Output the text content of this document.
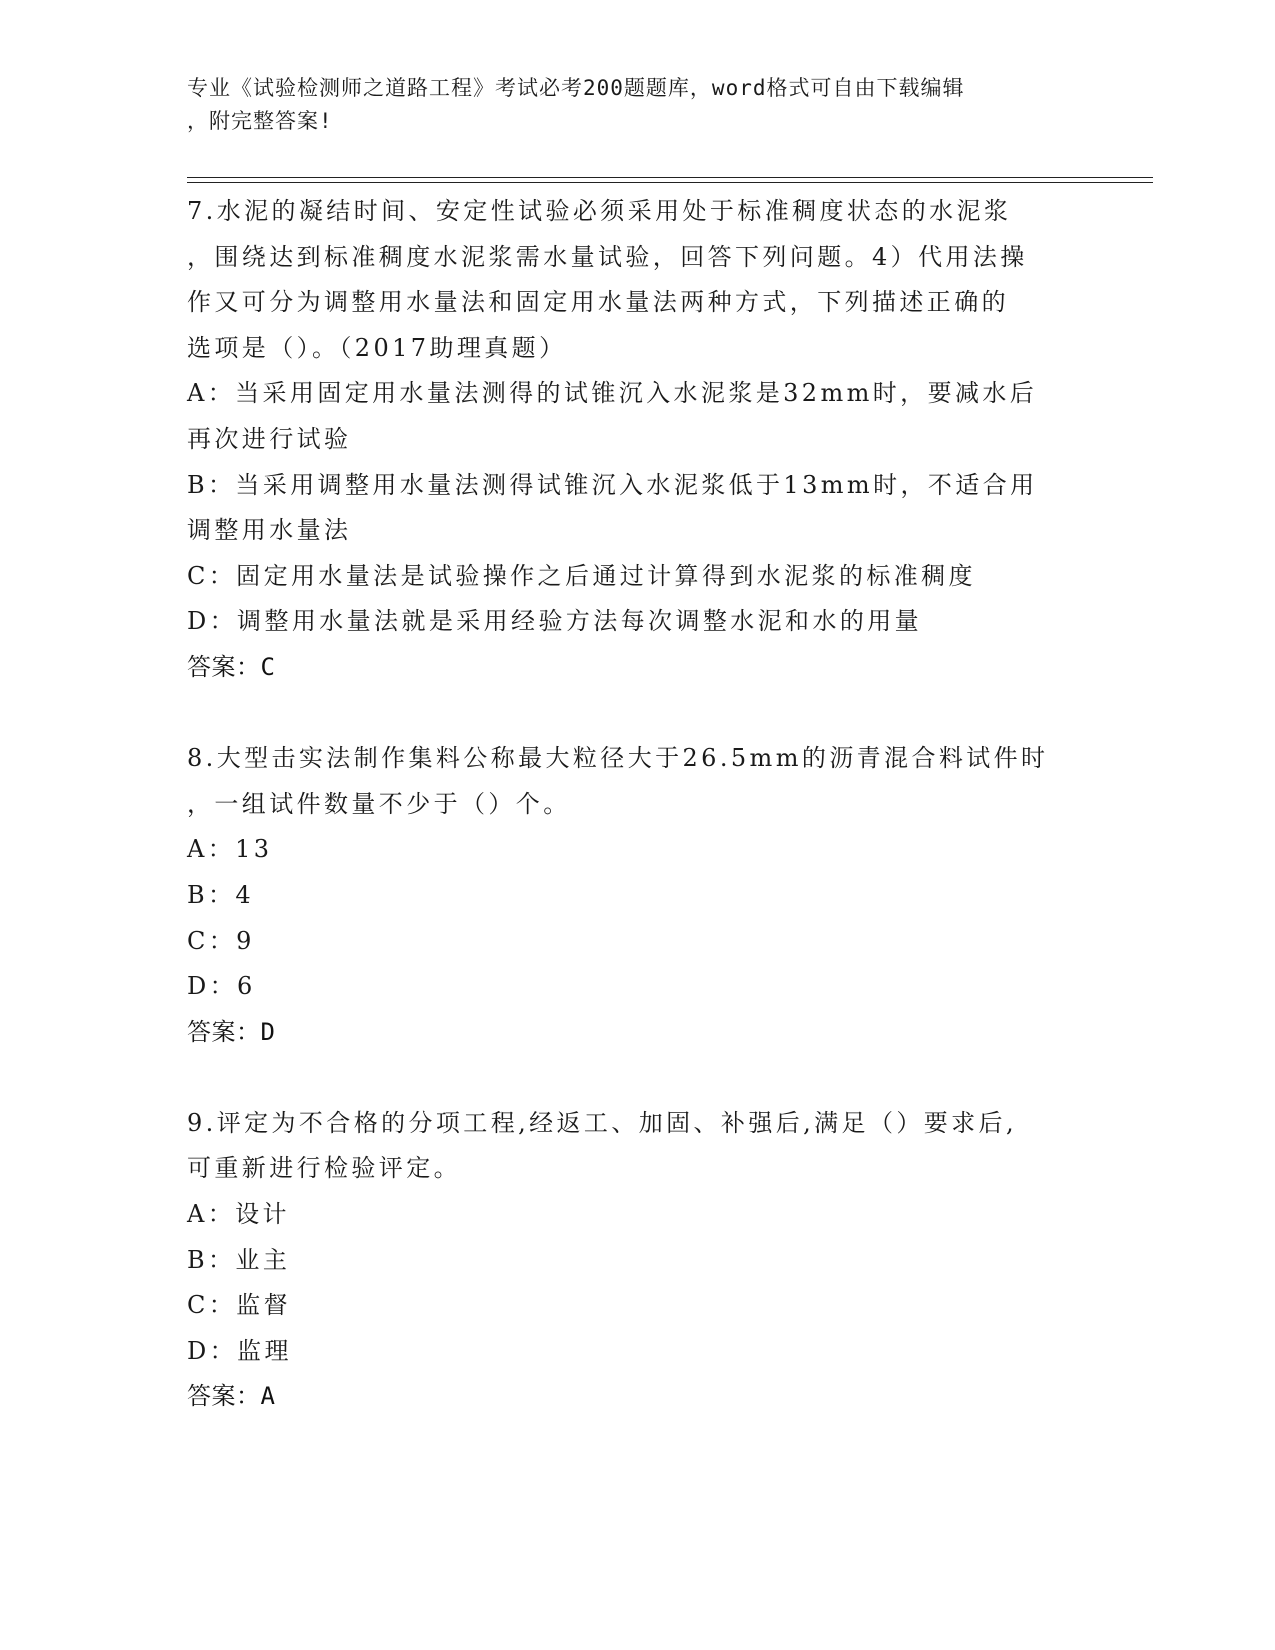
专业《试验检测师之道路工程》考试必考200题题库，word格式可自由下载编辑
，附完整答案!
7.水泥的凝结时间、安定性试验必须采用处于标准稠度状态的水泥浆
，围绕达到标准稠度水泥浆需水量试验，回答下列问题。4）代用法操
作又可分为调整用水量法和固定用水量法两种方式，下列描述正确的
选项是（）。（2017助理真题）
A：当采用固定用水量法测得的试锥沉入水泥浆是32mm时，要减水后
再次进行试验
B：当采用调整用水量法测得试锥沉入水泥浆低于13mm时，不适合用
调整用水量法
C：固定用水量法是试验操作之后通过计算得到水泥浆的标准稠度
D：调整用水量法就是采用经验方法每次调整水泥和水的用量
答案：C
8.大型击实法制作集料公称最大粒径大于26.5mm的沥青混合料试件时
，一组试件数量不少于（）个。
A：13
B：4
C：9
D：6
答案：D
9.评定为不合格的分项工程,经返工、加固、补强后,满足（）要求后,
可重新进行检验评定。
A：设计
B：业主
C：监督
D：监理
答案：A
